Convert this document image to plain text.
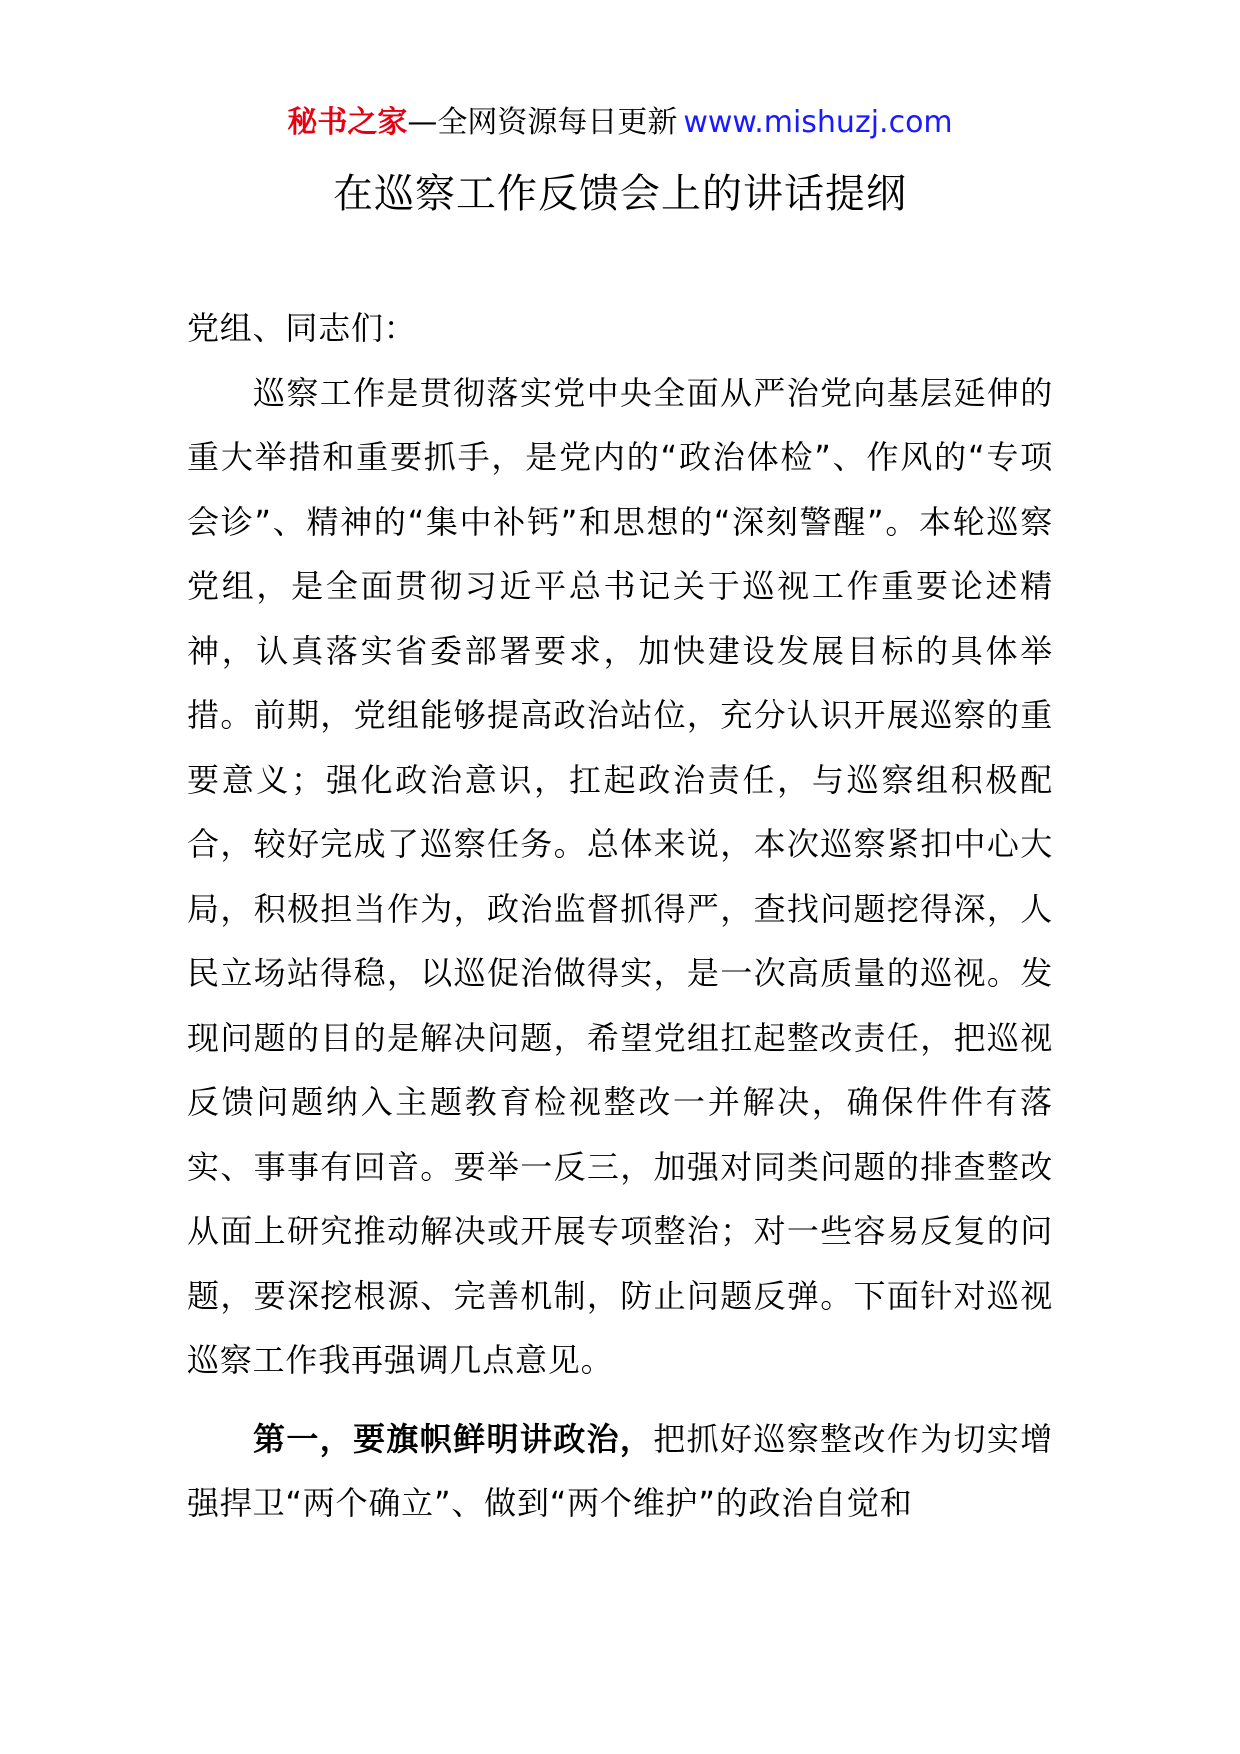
秘书之家—全网资源每日更新 www.mishuzj.com
在巡察工作反馈会上的讲话提纲

党组、同志们：

巡察工作是贯彻落实党中央全面从严治党向基层延伸的重大举措和重要抓手，是党内的“政治体检”、作风的“专项会诊”、精神的“集中补钙”和思想的“深刻警醒”。本轮巡察党组，是全面贯彻习近平总书记关于巡视工作重要论述精神，认真落实省委部署要求，加快建设发展目标的具体举措。前期，党组能够提高政治站位，充分认识开展巡察的重要意义；强化政治意识，扛起政治责任，与巡察组积极配合，较好完成了巡察任务。总体来说，本次巡察紧扣中心大局，积极担当作为，政治监督抓得严，查找问题挖得深，人民立场站得稳，以巡促治做得实，是一次高质量的巡视。发现问题的目的是解决问题，希望党组扛起整改责任，把巡视反馈问题纳入主题教育检视整改一并解决，确保件件有落实、事事有回音。要举一反三，加强对同类问题的排查整改从面上研究推动解决或开展专项整治；对一些容易反复的问题，要深挖根源、完善机制，防止问题反弹。下面针对巡视巡察工作我再强调几点意见。

第一，要旗帜鲜明讲政治，把抓好巡察整改作为切实增强捍卫“两个确立”、做到“两个维护”的政治自觉和
